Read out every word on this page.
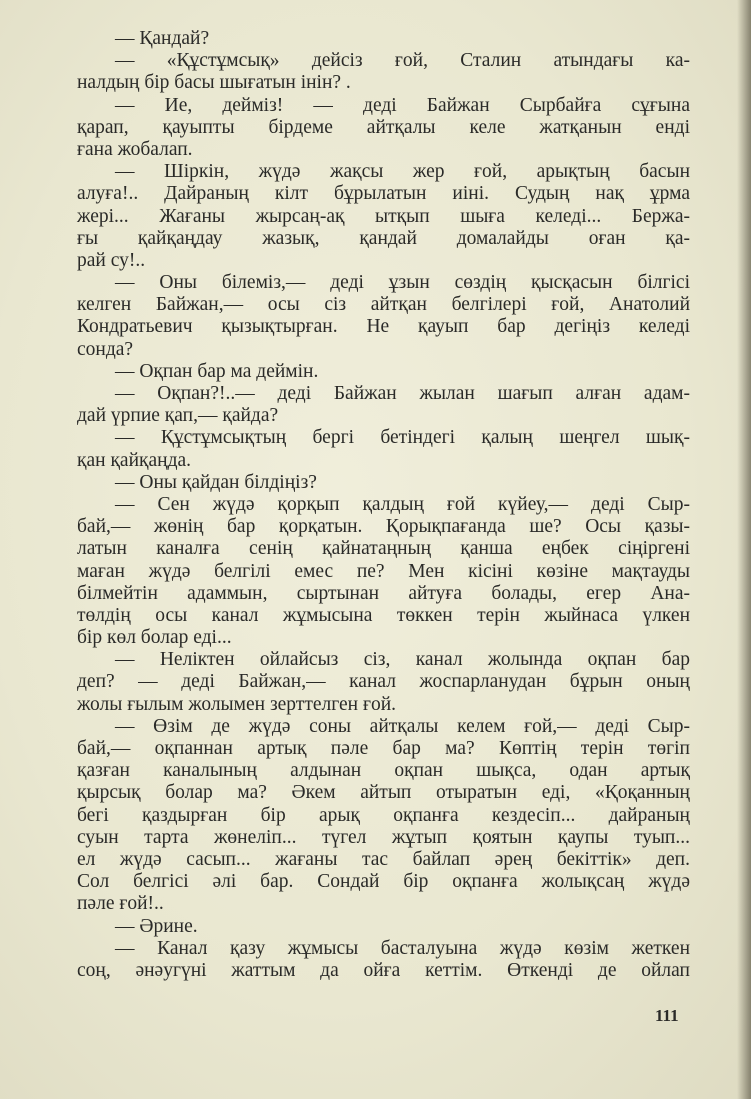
— Қандай?
— «Құстұмсық» дейсіз ғой, Сталин атындағы ка-
налдың бір басы шығатын інін? .
— Ие, дейміз! — деді Байжан Сырбайға сұғына
қарап, қауыпты бірдеме айтқалы келе жатқанын енді
ғана жобалап.
— Шіркін, жүдә жақсы жер ғой, арықтың басын
алуға!.. Дайраның кілт бұрылатын иіні. Судың нақ ұрма
жері... Жағаны жырсаң-ақ ытқып шыға келеді... Бержа-
ғы қайқаңдау жазық, қандай домалайды оған қа-
рай су!..
— Оны білеміз,— деді ұзын сөздің қысқасын білгісі
келген Байжан,— осы сіз айтқан белгілері ғой, Анатолий
Кондратьевич қызықтырған. Не қауып бар дегіңіз келеді
сонда?
— Оқпан бар ма деймін.
— Оқпан?!..— деді Байжан жылан шағып алған адам-
дай үрпие қап,— қайда?
— Құстұмсықтың бергі бетіндегі қалың шеңгел шық-
қан қайқаңда.
— Оны қайдан білдіңіз?
— Сен жүдә қорқып қалдың ғой күйеу,— деді Сыр-
бай,— жөнің бар қорқатын. Қорықпағанда ше? Осы қазы-
латын каналға сенің қайнатаңның қанша еңбек сіңіргені
маған жүдә белгілі емес пе? Мен кісіні көзіне мақтауды
білмейтін адаммын, сыртынан айтуға болады, егер Ана-
төлдің осы канал жұмысына төккен терін жыйнаса үлкен
бір көл болар еді...
— Неліктен ойлайсыз сіз, канал жолында оқпан бар
деп? — деді Байжан,— канал жоспарланудан бұрын оның
жолы ғылым жолымен зерттелген ғой.
— Өзім де жүдә соны айтқалы келем ғой,— деді Сыр-
бай,— оқпаннан артық пәле бар ма? Көптің терін төгіп
қазған каналының алдынан оқпан шықса, одан артық
қырсық болар ма? Әкем айтып отыратын еді, «Қоқанның
бегі қаздырған бір арық оқпанға кездесіп... дайраның
суын тарта жөнеліп... түгел жұтып қоятын қаупы туып...
ел жүдә сасып... жағаны тас байлап әрең бекіттік» деп.
Сол белгісі әлі бар. Сондай бір оқпанға жолықсаң жүдә
пәле ғой!..
— Әрине.
— Канал қазу жұмысы басталуына жүдә көзім жеткен
соң, әнәугүні жаттым да ойға кеттім. Өткенді де ойлап
111
